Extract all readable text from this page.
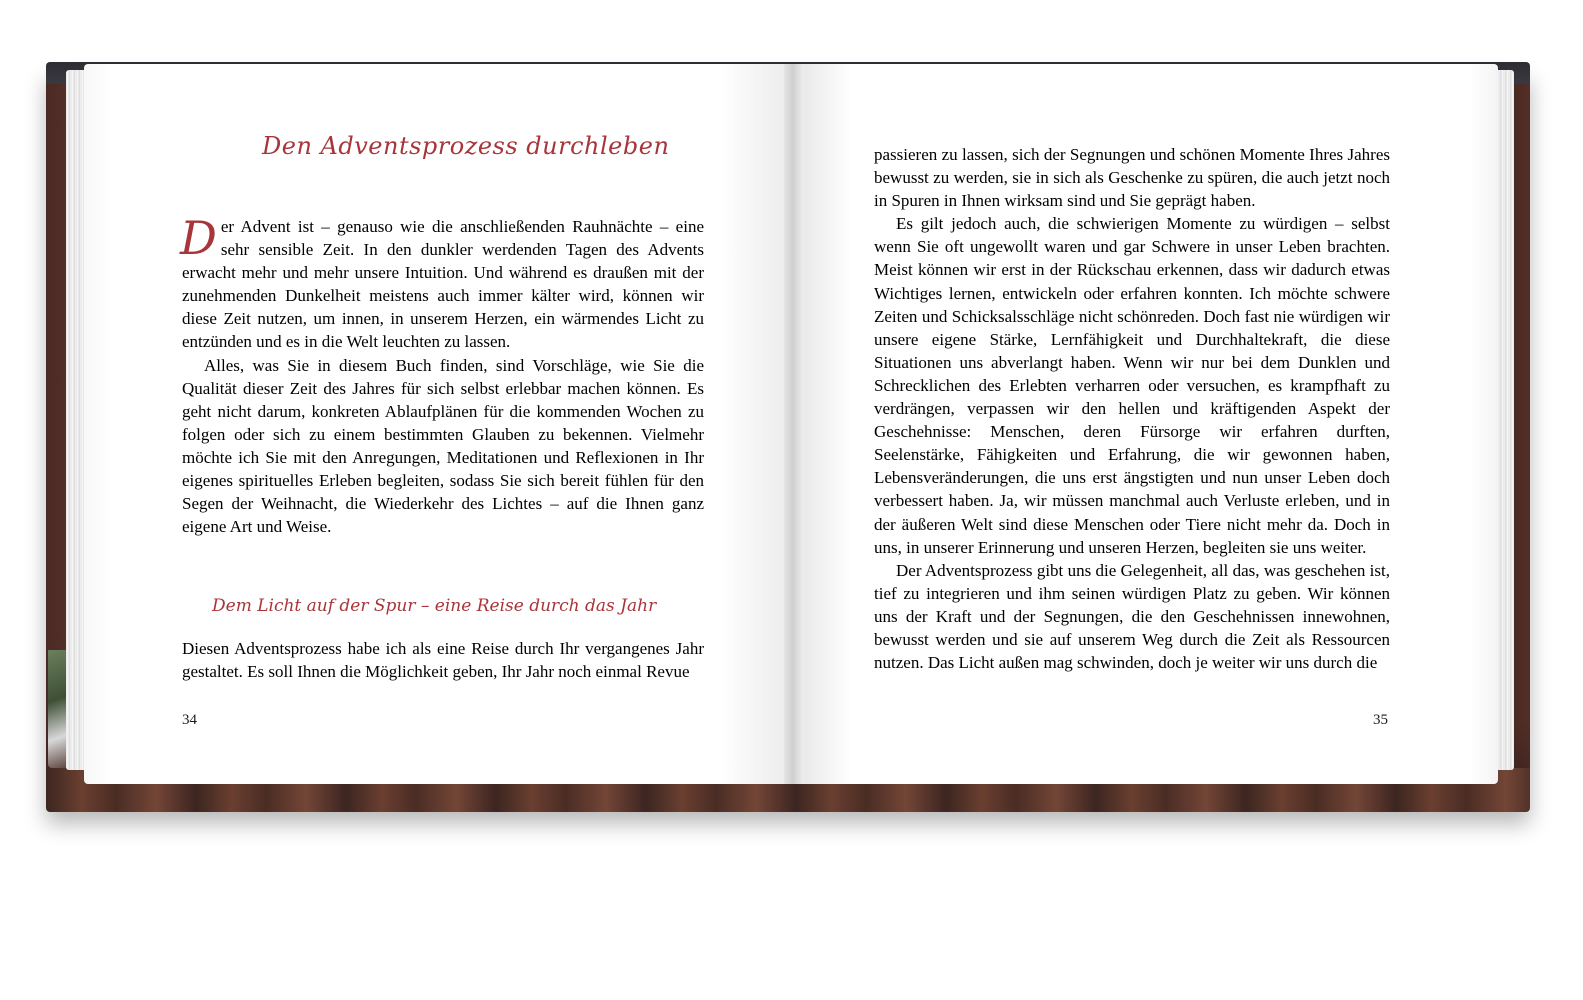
Den Adventsprozess durchleben

Der Advent ist – genauso wie die anschließenden Rauhnächte – eine sehr sensible Zeit. In den dunkler werdenden Tagen des Advents erwacht mehr und mehr unsere Intuition. Und während es draußen mit der zunehmenden Dunkelheit meistens auch immer kälter wird, können wir diese Zeit nutzen, um innen, in unserem Herzen, ein wärmendes Licht zu entzünden und es in die Welt leuchten zu lassen.

Alles, was Sie in diesem Buch finden, sind Vorschläge, wie Sie die Qualität dieser Zeit des Jahres für sich selbst erlebbar machen können. Es geht nicht darum, konkreten Ablaufplänen für die kommenden Wochen zu folgen oder sich zu einem bestimmten Glauben zu bekennen. Vielmehr möchte ich Sie mit den Anregungen, Meditationen und Reflexionen in Ihr eigenes spirituelles Erleben begleiten, sodass Sie sich bereit fühlen für den Segen der Weihnacht, die Wiederkehr des Lichtes – auf die Ihnen ganz eigene Art und Weise.

Dem Licht auf der Spur – eine Reise durch das Jahr

Diesen Adventsprozess habe ich als eine Reise durch Ihr vergangenes Jahr gestaltet. Es soll Ihnen die Möglichkeit geben, Ihr Jahr noch einmal Revue

34

passieren zu lassen, sich der Segnungen und schönen Momente Ihres Jahres bewusst zu werden, sie in sich als Geschenke zu spüren, die auch jetzt noch in Spuren in Ihnen wirksam sind und Sie geprägt haben.

Es gilt jedoch auch, die schwierigen Momente zu würdigen – selbst wenn Sie oft ungewollt waren und gar Schwere in unser Leben brachten. Meist können wir erst in der Rückschau erkennen, dass wir dadurch etwas Wichtiges lernen, entwickeln oder erfahren konnten. Ich möchte schwere Zeiten und Schicksalsschläge nicht schönreden. Doch fast nie würdigen wir unsere eigene Stärke, Lernfähigkeit und Durchhaltekraft, die diese Situationen uns abverlangt haben. Wenn wir nur bei dem Dunklen und Schrecklichen des Erlebten verharren oder versuchen, es krampfhaft zu verdrängen, verpassen wir den hellen und kräftigenden Aspekt der Geschehnisse: Menschen, deren Fürsorge wir erfahren durften, Seelenstärke, Fähigkeiten und Erfahrung, die wir gewonnen haben, Lebensveränderungen, die uns erst ängstigten und nun unser Leben doch verbessert haben. Ja, wir müssen manchmal auch Verluste erleben, und in der äußeren Welt sind diese Menschen oder Tiere nicht mehr da. Doch in uns, in unserer Erinnerung und unseren Herzen, begleiten sie uns weiter.

Der Adventsprozess gibt uns die Gelegenheit, all das, was geschehen ist, tief zu integrieren und ihm seinen würdigen Platz zu geben. Wir können uns der Kraft und der Segnungen, die den Geschehnissen innewohnen, bewusst werden und sie auf unserem Weg durch die Zeit als Ressourcen nutzen. Das Licht außen mag schwinden, doch je weiter wir uns durch die

35
